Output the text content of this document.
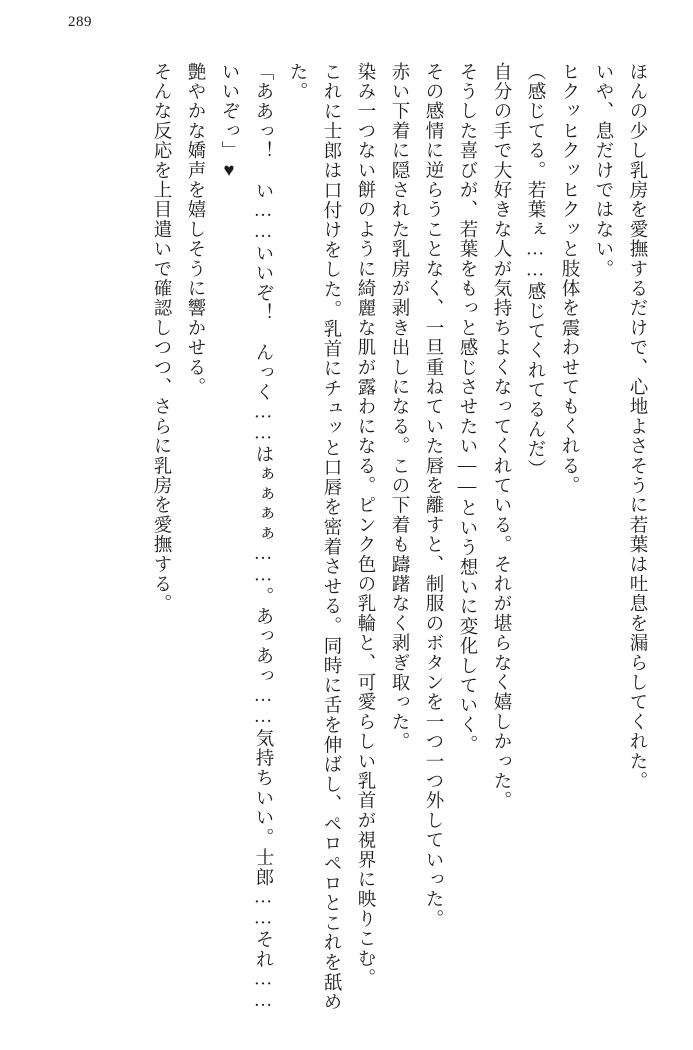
289

ほんの少し乳房を愛撫するだけで、心地よさそうに若葉は吐息を漏らしてくれた。

いや、息だけではない。

ヒクッヒクッヒクッと肢体を震わせてもくれる。

（感じてる。若葉ぇ……感じてくれてるんだ）

自分の手で大好きな人が気持ちよくなってくれている。それが堪らなく嬉しかった。

そうした喜びが、若葉をもっと感じさせたい――という想いに変化していく。

その感情に逆らうことなく、一旦重ねていた唇を離すと、制服のボタンを一つ一つ外していった。

赤い下着に隠された乳房が剥き出しになる。この下着も躊躇なく剥ぎ取った。

染み一つない餅のように綺麗な肌が露わになる。ピンク色の乳輪と、可愛らしい乳首が視界に映りこむ。

これに士郎は口付けをした。乳首にチュッと口唇を密着させる。同時に舌を伸ばし、ペロペロとこれを舐めた。

「ああっ！　い……いいぞ！　んっく……はぁぁぁぁ……。あっあっ……気持ちいい。士郎……それ……いいぞっ」♥

艶やかな嬌声を嬉しそうに響かせる。

そんな反応を上目遣いで確認しつつ、さらに乳房を愛撫する。
